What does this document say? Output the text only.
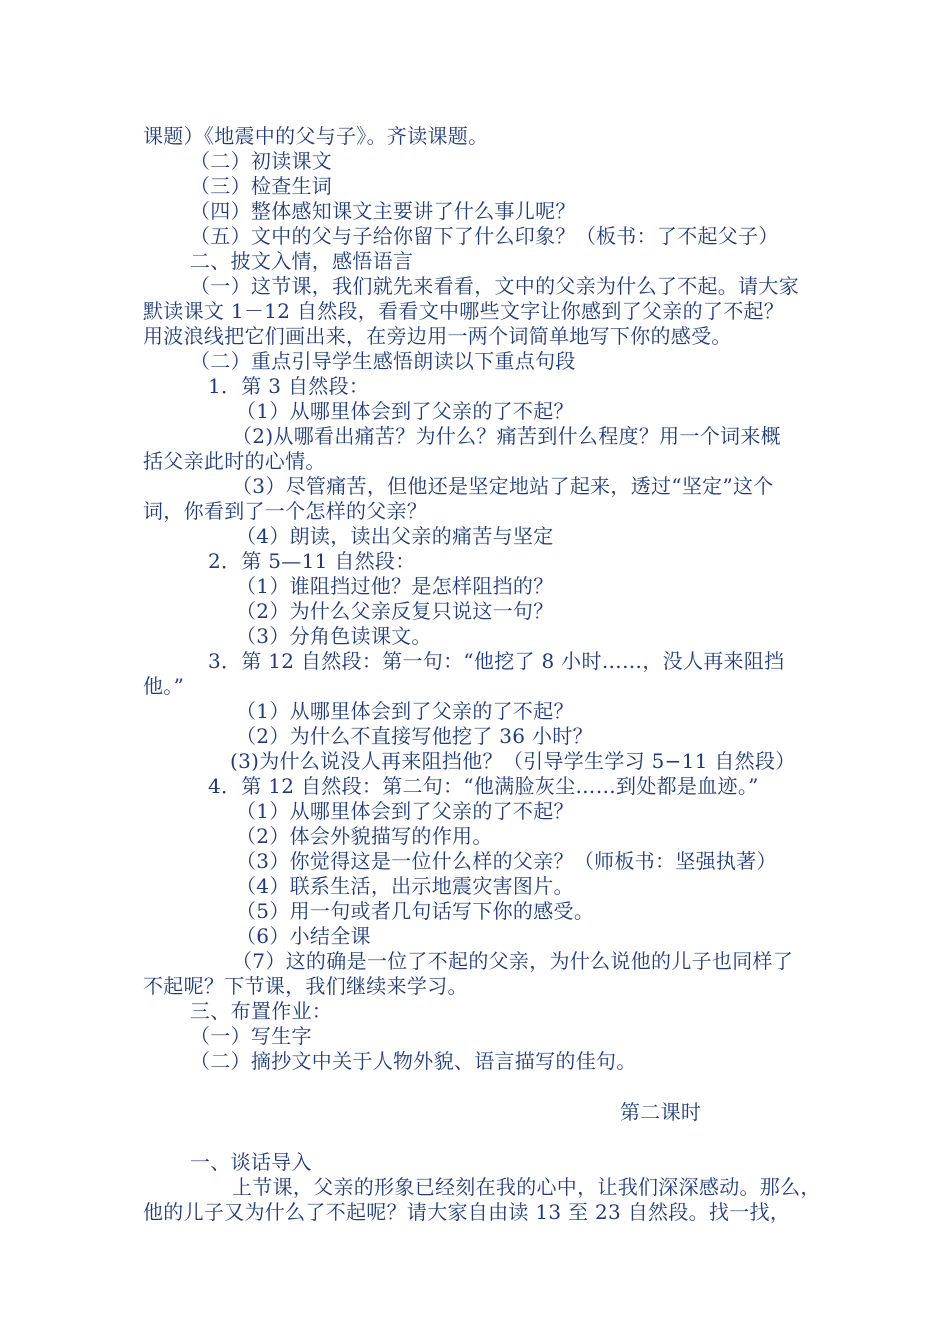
课题）《地震中的父与子》。齐读课题。
（二）初读课文
（三）检查生词
（四）整体感知课文主要讲了什么事儿呢？
（五）文中的父与子给你留下了什么印象？（板书：了不起父子）
二、披文入情，感悟语言
（一）这节课，我们就先来看看，文中的父亲为什么了不起。请大家
默读课文 1－12 自然段，看看文中哪些文字让你感到了父亲的了不起？
用波浪线把它们画出来，在旁边用一两个词简单地写下你的感受。
（二）重点引导学生感悟朗读以下重点句段
1．第 3 自然段：
（1）从哪里体会到了父亲的了不起？
（2)从哪看出痛苦？为什么？痛苦到什么程度？用一个词来概
括父亲此时的心情。
（3）尽管痛苦，但他还是坚定地站了起来，透过“坚定”这个
词，你看到了一个怎样的父亲？
（4）朗读，读出父亲的痛苦与坚定
2．第 5—11 自然段：
（1）谁阻挡过他？是怎样阻挡的？
（2）为什么父亲反复只说这一句？
（3）分角色读课文。
3．第 12 自然段：第一句：“他挖了 8 小时……，没人再来阻挡
他。”
（1）从哪里体会到了父亲的了不起？
（2）为什么不直接写他挖了 36 小时？
(3)为什么说没人再来阻挡他？（引导学生学习 5−11 自然段）
4．第 12 自然段：第二句：“他满脸灰尘……到处都是血迹。”
（1）从哪里体会到了父亲的了不起？
（2）体会外貌描写的作用。
（3）你觉得这是一位什么样的父亲？（师板书：坚强执著）
（4）联系生活，出示地震灾害图片。
（5）用一句或者几句话写下你的感受。
（6）小结全课
（7）这的确是一位了不起的父亲，为什么说他的儿子也同样了
不起呢？下节课，我们继续来学习。
三、布置作业：
（一）写生字
（二）摘抄文中关于人物外貌、语言描写的佳句。
第二课时
一、谈话导入
上节课，父亲的形象已经刻在我的心中，让我们深深感动。那么，
他的儿子又为什么了不起呢？请大家自由读 13 至 23 自然段。找一找，
